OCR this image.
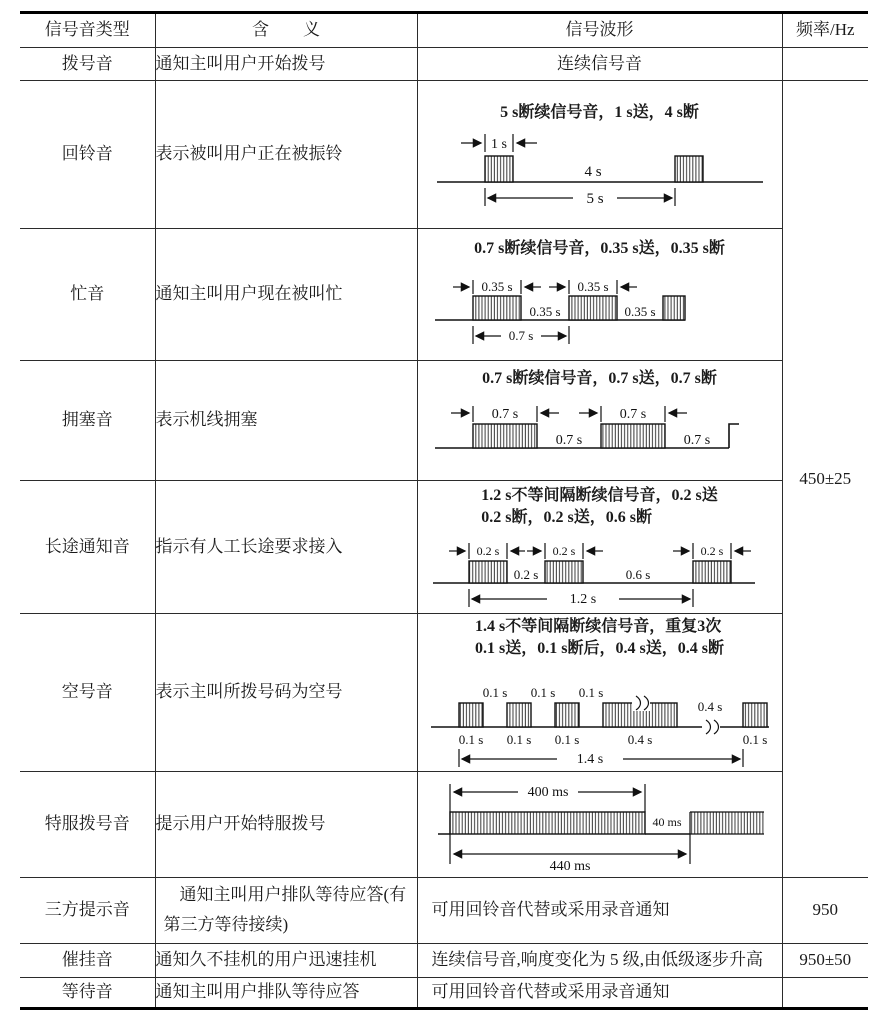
信号音类型	含　　义	信号波形	频率/Hz
拨号音	通知主叫用户开始拨号	连续信号音	
回铃音	表示被叫用户正在被振铃	5 s断续信号音，1 s送，4 s断
1 s
4 s
5 s	450±25
忙音	通知主叫用户现在被叫忙	
0.7 s断续信号音，0.35 s送，0.35 s断
0.35 s	0.35 s
0.35 s	0.35 s
0.7 s

拥塞音	表示机线拥塞	0.7 s断续信号音，0.7 s送，0.7 s断
0.7 s 0.7 s
0.7 s 0.7 s	

长途通知音	指示有人工长途要求接入	
1.2 s不等间隔断续信号音，0.2 s送
0.2 s断，0.2 s送，0.6 s断
0.2 s	0.2 s	0.2 s
0.2 s	0.6 s
1.2 s

空号音	表示主叫所拨号码为空号	
1.4 s不等间隔断续信号音，重复3次
0.1 s送，0.1 s断后，0.4 s送，0.4 s断
0.1 s 0.1 s 0.1 s
0.4 s
0.1 s 0.1 s 0.1 s	0.4 s	0.1 s
1.4 s

特服拨号音	提示用户开始特服拨号	400 ms
40 ms
440 ms	

三方提示音	通知主叫用户排队等待应答(有第三方等待接续)	可用回铃音代替或采用录音通知	950
催挂音	通知久不挂机的用户迅速挂机	连续信号音,响度变化为 5 级,由低级逐步升高	950±50
等待音	通知主叫用户排队等待应答	可用回铃音代替或采用录音通知	
